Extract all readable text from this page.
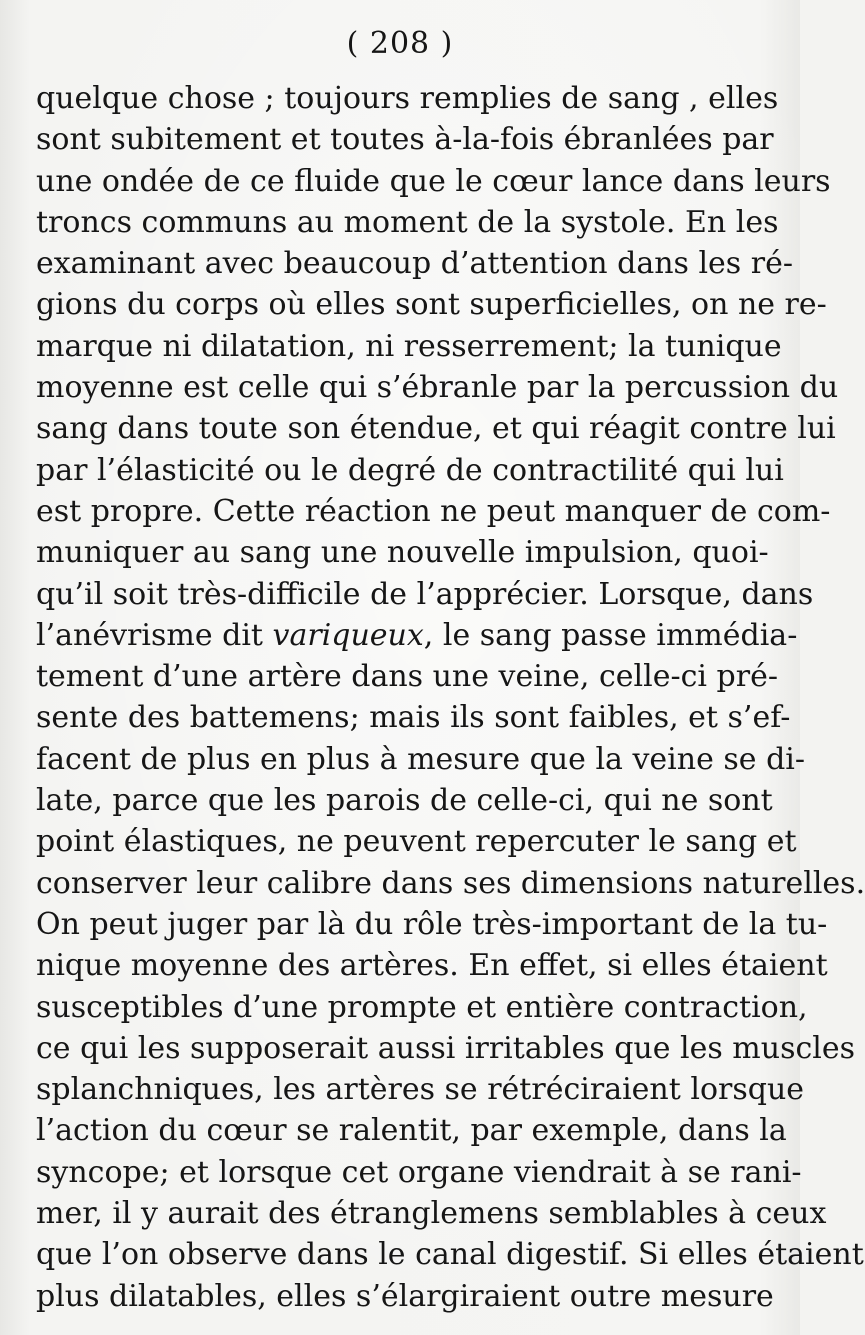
( 208 )
quelque chose ; toujours remplies de sang , elles
sont subitement et toutes à-la-fois ébranlées par
une ondée de ce fluide que le cœur lance dans leurs
troncs communs au moment de la systole. En les
examinant avec beaucoup d’attention dans les ré-
gions du corps où elles sont superficielles, on ne re-
marque ni dilatation, ni resserrement; la tunique
moyenne est celle qui s’ébranle par la percussion du
sang dans toute son étendue, et qui réagit contre lui
par l’élasticité ou le degré de contractilité qui lui
est propre. Cette réaction ne peut manquer de com-
muniquer au sang une nouvelle impulsion, quoi-
qu’il soit très-difficile de l’apprécier. Lorsque, dans
l’anévrisme dit variqueux, le sang passe immédia-
tement d’une artère dans une veine, celle-ci pré-
sente des battemens; mais ils sont faibles, et s’ef-
facent de plus en plus à mesure que la veine se di-
late, parce que les parois de celle-ci, qui ne sont
point élastiques, ne peuvent repercuter le sang et
conserver leur calibre dans ses dimensions naturelles.
On peut juger par là du rôle très-important de la tu-
nique moyenne des artères. En effet, si elles étaient
susceptibles d’une prompte et entière contraction,
ce qui les supposerait aussi irritables que les muscles
splanchniques, les artères se rétréciraient lorsque
l’action du cœur se ralentit, par exemple, dans la
syncope; et lorsque cet organe viendrait à se rani-
mer, il y aurait des étranglemens semblables à ceux
que l’on observe dans le canal digestif. Si elles étaient
plus dilatables, elles s’élargiraient outre mesure
